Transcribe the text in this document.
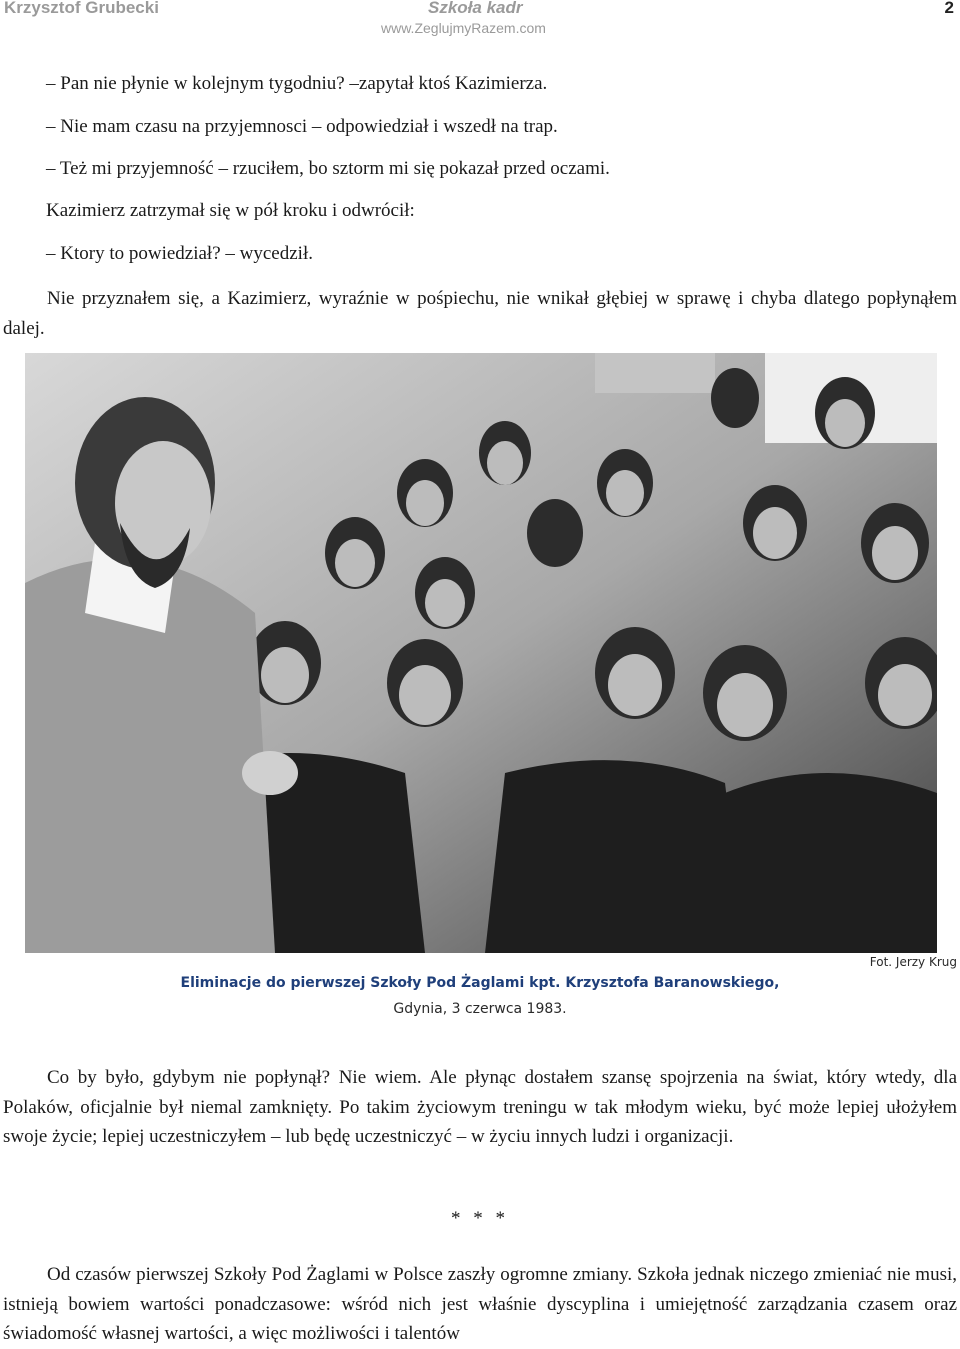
Krzysztof Grubecki	Szkoła kadr
www.ZeglujmyRazem.com
2
– Pan nie płynie w kolejnym tygodniu? –zapytał ktoś Kazimierza.
– Nie mam czasu na przyjemnosci – odpowiedział i wszedł na trap.
– Też mi przyjemność – rzuciłem, bo sztorm mi się pokazał przed oczami.
Kazimierz zatrzymał się w pół kroku i odwrócił:
– Ktory to powiedział? – wycedził.

Nie przyznałem się, a Kazimierz, wyraźnie w pośpiechu, nie wnikał głębiej w sprawę i chyba dlatego popłynąłem dalej.

Eliminacje do pierwszej Szkoły Pod Żaglami kpt. Krzysztofa Baranowskiego,
Gdynia, 3 czerwca 1983.
Fot. Jerzy Krug

Co by było, gdybym nie popłynął? Nie wiem. Ale płynąc dostałem szansę spojrzenia na świat, który wtedy, dla Polaków, oficjalnie był niemal zamknięty. Po takim życiowym treningu w tak młodym wieku, być może lepiej ułożyłem swoje życie; lepiej uczestniczyłem – lub będę uczestniczyć – w życiu innych ludzi i organizacji.

* * *

Od czasów pierwszej Szkoły Pod Żaglami w Polsce zaszły ogromne zmiany. Szkoła jednak niczego zmieniać nie musi, istnieją bowiem wartości ponadczasowe: wśród nich jest właśnie dyscyplina i umiejętność zarządzania czasem oraz świadomość własnej wartości, a więc możliwości i talentów
